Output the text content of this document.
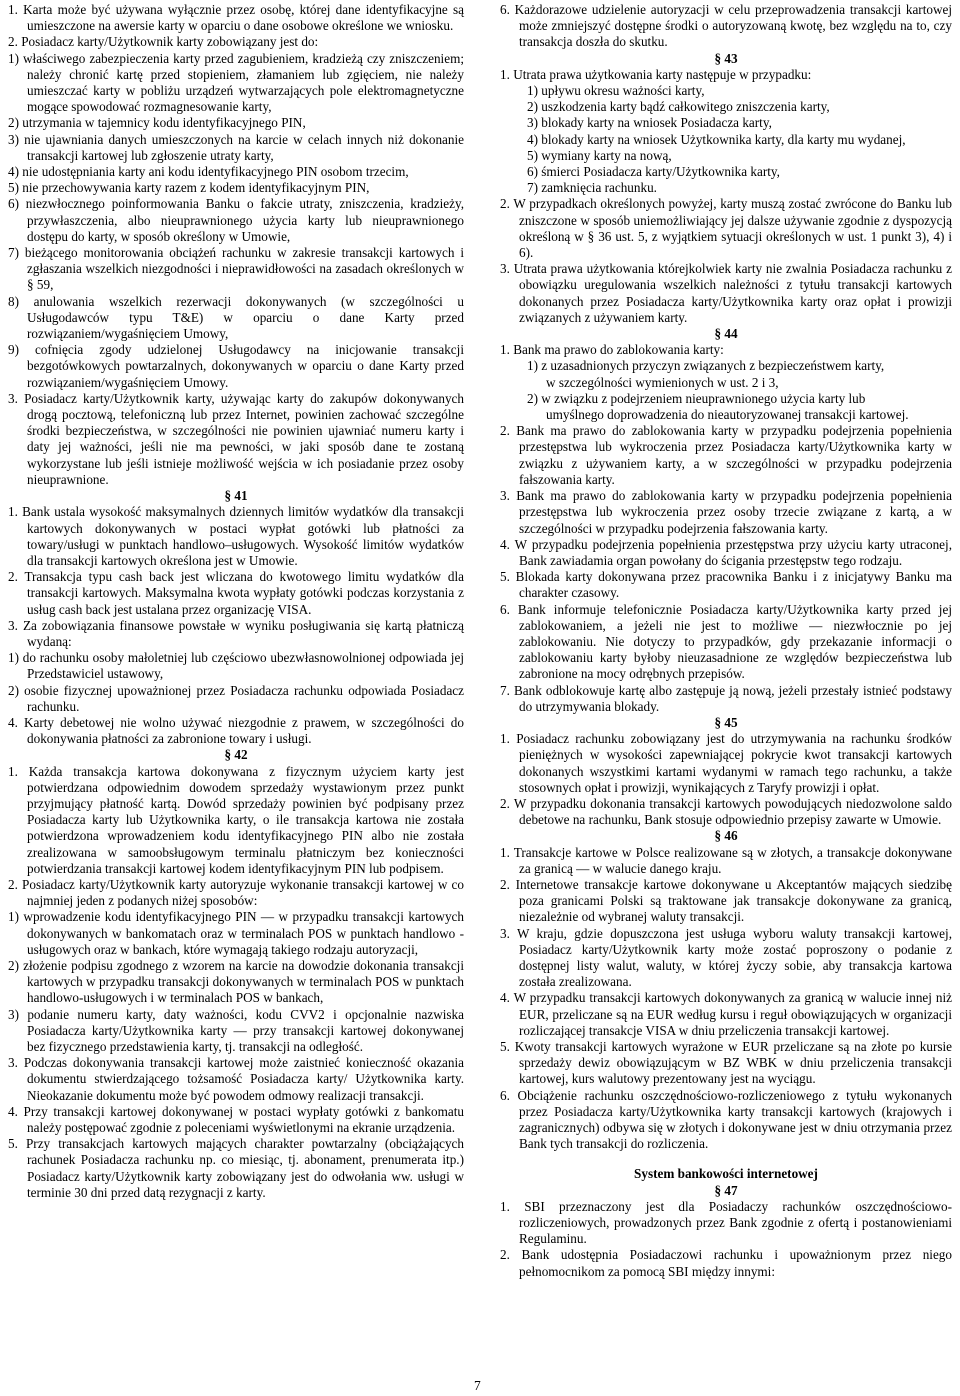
1. Karta może być używana wyłącznie przez osobę, której dane identyfikacyjne są umieszczone na awersie karty w oparciu o dane osobowe określone we wniosku.

2. Posiadacz karty/Użytkownik karty zobowiązany jest do:

1) właściwego zabezpieczenia karty przed zagubieniem, kradzieżą czy zniszczeniem; należy chronić kartę przed stopieniem, złamaniem lub zgięciem, nie należy umieszczać karty w pobliżu urządzeń wytwarzających pole elektromagnetyczne mogące spowodować rozmagnesowanie karty,

2) utrzymania w tajemnicy kodu identyfikacyjnego PIN,

3) nie ujawniania danych umieszczonych na karcie w celach innych niż dokonanie transakcji kartowej lub zgłoszenie utraty karty,

4) nie udostępniania karty ani kodu identyfikacyjnego PIN osobom trzecim,

5) nie przechowywania karty razem z kodem identyfikacyjnym PIN,

6) niezwłocznego poinformowania Banku o fakcie utraty, zniszczenia, kradzieży, przywłaszczenia, albo nieuprawnionego użycia karty lub nieuprawnionego dostępu do karty, w sposób określony w Umowie,

7) bieżącego monitorowania obciążeń rachunku w zakresie transakcji kartowych i zgłaszania wszelkich niezgodności i nieprawidłowości na zasadach określonych w § 59,

8) anulowania wszelkich rezerwacji dokonywanych (w szczególności u Usługodawców typu T&E) w oparciu o dane Karty przed rozwiązaniem/wygaśnięciem Umowy,

9) cofnięcia zgody udzielonej Usługodawcy na inicjowanie transakcji bezgotówkowych powtarzalnych, dokonywanych w oparciu o dane Karty przed rozwiązaniem/wygaśnięciem Umowy.

3. Posiadacz karty/Użytkownik karty, używając karty do zakupów dokonywanych drogą pocztową, telefoniczną lub przez Internet, powinien zachować szczególne środki bezpieczeństwa, w szczególności nie powinien ujawniać numeru karty i daty jej ważności, jeśli nie ma pewności, w jaki sposób dane te zostaną wykorzystane lub jeśli istnieje możliwość wejścia w ich posiadanie przez osoby nieuprawnione.

§ 41

1. Bank ustala wysokość maksymalnych dziennych limitów wydatków dla transakcji kartowych dokonywanych w postaci wypłat gotówki lub płatności za towary/usługi w punktach handlowo–usługowych. Wysokość limitów wydatków dla transakcji kartowych określona jest w Umowie.

2. Transakcja typu cash back jest wliczana do kwotowego limitu wydatków dla transakcji kartowych. Maksymalna kwota wypłaty gotówki podczas korzystania z usług cash back jest ustalana przez organizację VISA.

3. Za zobowiązania finansowe powstałe w wyniku posługiwania się kartą płatniczą wydaną:

1) do rachunku osoby małoletniej lub częściowo ubezwłasnowolnionej odpowiada jej Przedstawiciel ustawowy,

2) osobie fizycznej upoważnionej przez Posiadacza rachunku odpowiada Posiadacz rachunku.

4. Karty debetowej nie wolno używać niezgodnie z prawem, w szczególności do dokonywania płatności za zabronione towary i usługi.

§ 42

1. Każda transakcja kartowa dokonywana z fizycznym użyciem karty jest potwierdzana odpowiednim dowodem sprzedaży wystawionym przez punkt przyjmujący płatność kartą. Dowód sprzedaży powinien być podpisany przez Posiadacza karty lub Użytkownika karty, o ile transakcja kartowa nie została potwierdzona wprowadzeniem kodu identyfikacyjnego PIN albo nie została zrealizowana w samoobsługowym terminalu płatniczym bez konieczności potwierdzania transakcji kartowej kodem identyfikacyjnym PIN lub podpisem.

2. Posiadacz karty/Użytkownik karty autoryzuje wykonanie transakcji kartowej w co najmniej jeden z podanych niżej sposobów:

1) wprowadzenie kodu identyfikacyjnego PIN — w przypadku transakcji kartowych dokonywanych w bankomatach oraz w terminalach POS w punktach handlowo - usługowych oraz w bankach, które wymagają takiego rodzaju autoryzacji,

2) złożenie podpisu zgodnego z wzorem na karcie na dowodzie dokonania transakcji kartowych w przypadku transakcji dokonywanych w terminalach POS w punktach handlowo-usługowych i w terminalach POS w bankach,

3) podanie numeru karty, daty ważności, kodu CVV2 i opcjonalnie nazwiska Posiadacza karty/Użytkownika karty — przy transakcji kartowej dokonywanej bez fizycznego przedstawienia karty, tj. transakcji na odległość.

3. Podczas dokonywania transakcji kartowej może zaistnieć konieczność okazania dokumentu stwierdzającego tożsamość Posiadacza karty/ Użytkownika karty. Nieokazanie dokumentu może być powodem odmowy realizacji transakcji.

4. Przy transakcji kartowej dokonywanej w postaci wypłaty gotówki z bankomatu należy postępować zgodnie z poleceniami wyświetlonymi na ekranie urządzenia.

5. Przy transakcjach kartowych mających charakter powtarzalny (obciążających rachunek Posiadacza rachunku np. co miesiąc, tj. abonament, prenumerata itp.) Posiadacz karty/Użytkownik karty zobowiązany jest do odwołania ww. usługi w terminie 30 dni przed datą rezygnacji z karty.

6. Każdorazowe udzielenie autoryzacji w celu przeprowadzenia transakcji kartowej może zmniejszyć dostępne środki o autoryzowaną kwotę, bez względu na to, czy transakcja doszła do skutku.

§ 43

1. Utrata prawa użytkowania karty następuje w przypadku:

1) upływu okresu ważności karty,

2) uszkodzenia karty bądź całkowitego zniszczenia karty,

3) blokady karty na wniosek Posiadacza karty,

4) blokady karty na wniosek Użytkownika karty, dla karty mu wydanej,

5) wymiany karty na nową,

6) śmierci Posiadacza karty/Użytkownika karty,

7) zamknięcia rachunku.

2. W przypadkach określonych powyżej, karty muszą zostać zwrócone do Banku lub zniszczone w sposób uniemożliwiający jej dalsze używanie zgodnie z dyspozycją określoną w § 36 ust. 5, z wyjątkiem sytuacji określonych w ust. 1 punkt 3), 4) i 6).

3. Utrata prawa użytkowania którejkolwiek karty nie zwalnia Posiadacza rachunku z obowiązku uregulowania wszelkich należności z tytułu transakcji kartowych dokonanych przez Posiadacza karty/Użytkownika karty oraz opłat i prowizji związanych z używaniem karty.

§ 44

1. Bank ma prawo do zablokowania karty:

1) z uzasadnionych przyczyn związanych z bezpieczeństwem karty,

w szczególności wymienionych w ust. 2 i 3,

2) w związku z podejrzeniem nieuprawnionego użycia karty lub

umyślnego doprowadzenia do nieautoryzowanej transakcji kartowej.

2. Bank ma prawo do zablokowania karty w przypadku podejrzenia popełnienia przestępstwa lub wykroczenia przez Posiadacza karty/Użytkownika karty w związku z używaniem karty, a w szczególności w przypadku podejrzenia fałszowania karty.

3. Bank ma prawo do zablokowania karty w przypadku podejrzenia popełnienia przestępstwa lub wykroczenia przez osoby trzecie związane z kartą, a w szczególności w przypadku podejrzenia fałszowania karty.

4. W przypadku podejrzenia popełnienia przestępstwa przy użyciu karty utraconej, Bank zawiadamia organ powołany do ścigania przestępstw tego rodzaju.

5. Blokada karty dokonywana przez pracownika Banku i z inicjatywy Banku ma charakter czasowy.

6. Bank informuje telefonicznie Posiadacza karty/Użytkownika karty przed jej zablokowaniem, a jeżeli nie jest to możliwe — niezwłocznie po jej zablokowaniu. Nie dotyczy to przypadków, gdy przekazanie informacji o zablokowaniu karty byłoby nieuzasadnione ze względów bezpieczeństwa lub zabronione na mocy odrębnych przepisów.

7. Bank odblokowuje kartę albo zastępuje ją nową, jeżeli przestały istnieć podstawy do utrzymywania blokady.

§ 45

1. Posiadacz rachunku zobowiązany jest do utrzymywania na rachunku środków pieniężnych w wysokości zapewniającej pokrycie kwot transakcji kartowych dokonanych wszystkimi kartami wydanymi w ramach tego rachunku, a także stosownych opłat i prowizji, wynikających z Taryfy prowizji i opłat.

2. W przypadku dokonania transakcji kartowych powodujących niedozwolone saldo debetowe na rachunku, Bank stosuje odpowiednio przepisy zawarte w Umowie.

§ 46

1. Transakcje kartowe w Polsce realizowane są w złotych, a transakcje dokonywane za granicą — w walucie danego kraju.

2. Internetowe transakcje kartowe dokonywane u Akceptantów mających siedzibę poza granicami Polski są traktowane jak transakcje dokonywane za granicą, niezależnie od wybranej waluty transakcji.

3. W kraju, gdzie dopuszczona jest usługa wyboru waluty transakcji kartowej, Posiadacz karty/Użytkownik karty może zostać poproszony o podanie z dostępnej listy walut, waluty, w której życzy sobie, aby transakcja kartowa została zrealizowana.

4. W przypadku transakcji kartowych dokonywanych za granicą w walucie innej niż EUR, przeliczane są na EUR według kursu i reguł obowiązujących w organizacji rozliczającej transakcje VISA w dniu przeliczenia transakcji kartowej.

5. Kwoty transakcji kartowych wyrażone w EUR przeliczane są na złote po kursie sprzedaży dewiz obowiązującym w BZ WBK w dniu przeliczenia transakcji kartowej, kurs walutowy prezentowany jest na wyciągu.

6. Obciążenie rachunku oszczędnościowo-rozliczeniowego z tytułu wykonanych przez Posiadacza karty/Użytkownika karty transakcji kartowych (krajowych i zagranicznych) odbywa się w złotych i dokonywane jest w dniu otrzymania przez Bank tych transakcji do rozliczenia.

System bankowości internetowej

§ 47

1. SBI przeznaczony jest dla Posiadaczy rachunków oszczędnościowo-rozliczeniowych, prowadzonych przez Bank zgodnie z ofertą i postanowieniami Regulaminu.

2. Bank udostępnia Posiadaczowi rachunku i upoważnionym przez niego pełnomocnikom za pomocą SBI między innymi:

7
